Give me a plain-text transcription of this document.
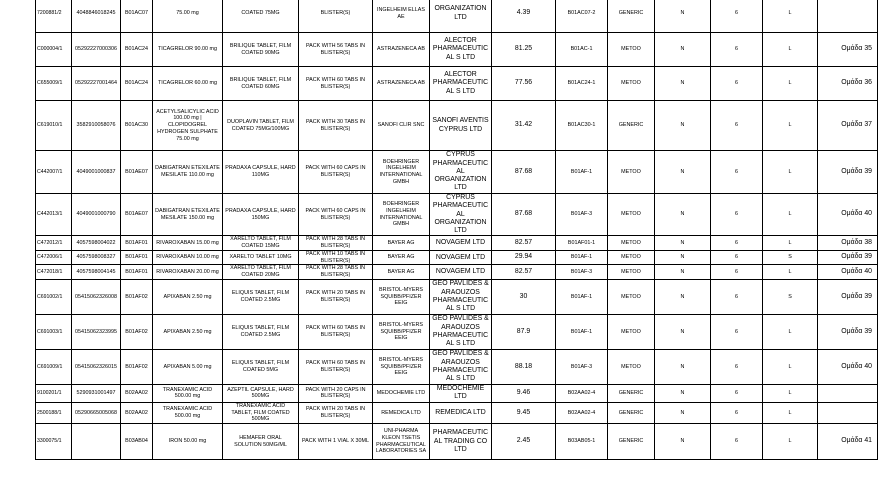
7200881/2	4048846018245	B01AC07	75.00 mg	COATED 75MG	BLISTER(S)	INGELHEIM ELLAS AE	ORGANIZATION LTD	4.39	B01AC07-2	GENERIC	N	6	L	
C000004/1	05292227000306	B01AC24	TICAGRELOR 90.00 mg	BRILIQUE TABLET, FILM COATED 90MG	PACK WITH 56 TABS IN BLISTER(S)	ASTRAZENECA AB	ALECTOR PHARMACEUTICAL S LTD	81.25	B01AC-1	METOO	N	6	L	Ομάδα 35
C655009/1	05292227001464	B01AC24	TICAGRELOR 60.00 mg	BRILIQUE TABLET, FILM COATED 60MG	PACK WITH 60 TABS IN BLISTER(S)	ASTRAZENECA AB	ALECTOR PHARMACEUTICAL S LTD	77.56	B01AC24-1	METOO	N	6	L	Ομάδα 36
C619010/1	3582910058076	B01AC30	ACETYLSALICYLIC ACID 100.00 mg | CLOPIDOGREL HYDROGEN SULPHATE 75.00 mg	DUOPLAVIN TABLET, FILM COATED 75MG/100MG	PACK WITH 30 TABS IN BLISTER(S)	SANOFI CLIR SNC	SANOFI AVENTIS CYPRUS LTD	31.42	B01AC30-1	GENERIC	N	6	L	Ομάδα 37
C442007/1	4049001000837	B01AE07	DABIGATRAN ETEXILATE MESILATE 110.00 mg	PRADAXA CAPSULE, HARD 110MG	PACK WITH 60 CAPS IN BLISTER(S)	BOEHRINGER INGELHEIM INTERNATIONAL GMBH	CYPRUS PHARMACEUTICAL ORGANIZATION LTD	87.68	B01AF-1	METOO	N	6	L	Ομάδα 39
C442013/1	4049001000790	B01AE07	DABIGATRAN ETEXILATE MESILATE 150.00 mg	PRADAXA CAPSULE, HARD 150MG	PACK WITH 60 CAPS IN BLISTER(S)	BOEHRINGER INGELHEIM INTERNATIONAL GMBH	CYPRUS PHARMACEUTICAL ORGANIZATION LTD	87.68	B01AF-3	METOO	N	6	L	Ομάδα 40
C472012/1	4057598004022	B01AF01	RIVAROXABAN 15.00 mg	XARELTO TABLET, FILM COATED 15MG	PACK WITH 28 TABS IN BLISTER(S)	BAYER AG	NOVAGEM LTD	82.57	B01AF01-1	METOO	N	6	L	Ομάδα 38
C472006/1	4057598008327	B01AF01	RIVAROXABAN 10.00 mg	XARELTO TABLET 10MG	PACK WITH 10 TABS IN BLISTER(S)	BAYER AG	NOVAGEM LTD	29.94	B01AF-1	METOO	N	6	S	Ομάδα 39
C472018/1	4057598004145	B01AF01	RIVAROXABAN 20.00 mg	XARELTO TABLET, FILM COATED 20MG	PACK WITH 28 TABS IN BLISTER(S)	BAYER AG	NOVAGEM LTD	82.57	B01AF-3	METOO	N	6	L	Ομάδα 40
C691002/1	05415062326008	B01AF02	APIXABAN 2.50 mg	ELIQUIS TABLET, FILM COATED 2.5MG	PACK WITH 20 TABS IN BLISTER(S)	BRISTOL-MYERS SQUIBB/PFIZER EEIG	GEO PAVLIDES & ARAOUZOS PHARMACEUTICAL S LTD	30	B01AF-1	METOO	N	6	S	Ομάδα 39
C691003/1	05415062323995	B01AF02	APIXABAN 2.50 mg	ELIQUIS TABLET, FILM COATED 2.5MG	PACK WITH 60 TABS IN BLISTER(S)	BRISTOL-MYERS SQUIBB/PFIZER EEIG	GEO PAVLIDES & ARAOUZOS PHARMACEUTICAL S LTD	87.9	B01AF-1	METOO	N	6	L	Ομάδα 39
C691009/1	05415062326015	B01AF02	APIXABAN 5.00 mg	ELIQUIS TABLET, FILM COATED 5MG	PACK WITH 60 TABS IN BLISTER(S)	BRISTOL-MYERS SQUIBB/PFIZER EEIG	GEO PAVLIDES & ARAOUZOS PHARMACEUTICAL S LTD	88.18	B01AF-3	METOO	N	6	L	Ομάδα 40
9100201/1	5290931001497	B02AA02	TRANEXAMIC ACID 500.00 mg	AZEPTIL CAPSULE, HARD 500MG	PACK WITH 20 CAPS IN BLISTER(S)	MEDOCHEMIE LTD	MEDOCHEMIE LTD	9.46	B02AA02-4	GENERIC	N	6	L	
2500188/1	05290665005068	B02AA02	TRANEXAMIC ACID 500.00 mg	TRANEXAMIC ACID TABLET, FILM COATED 500MG	PACK WITH 20 TABS IN BLISTER(S)	REMEDICA LTD	REMEDICA LTD	9.45	B02AA02-4	GENERIC	N	6	L	
3300075/1		B03AB04	IRON 50.00 mg	HEMAFER ORAL SOLUTION 50MG/ML	PACK WITH 1 VIAL X 30ML	UNI-PHARMA KLEON TSETIS PHARMACEUTICAL LABORATORIES SA	PHARMACEUTICAL TRADING CO LTD	2.45	B03AB05-1	GENERIC	N	6	L	Ομάδα 41
